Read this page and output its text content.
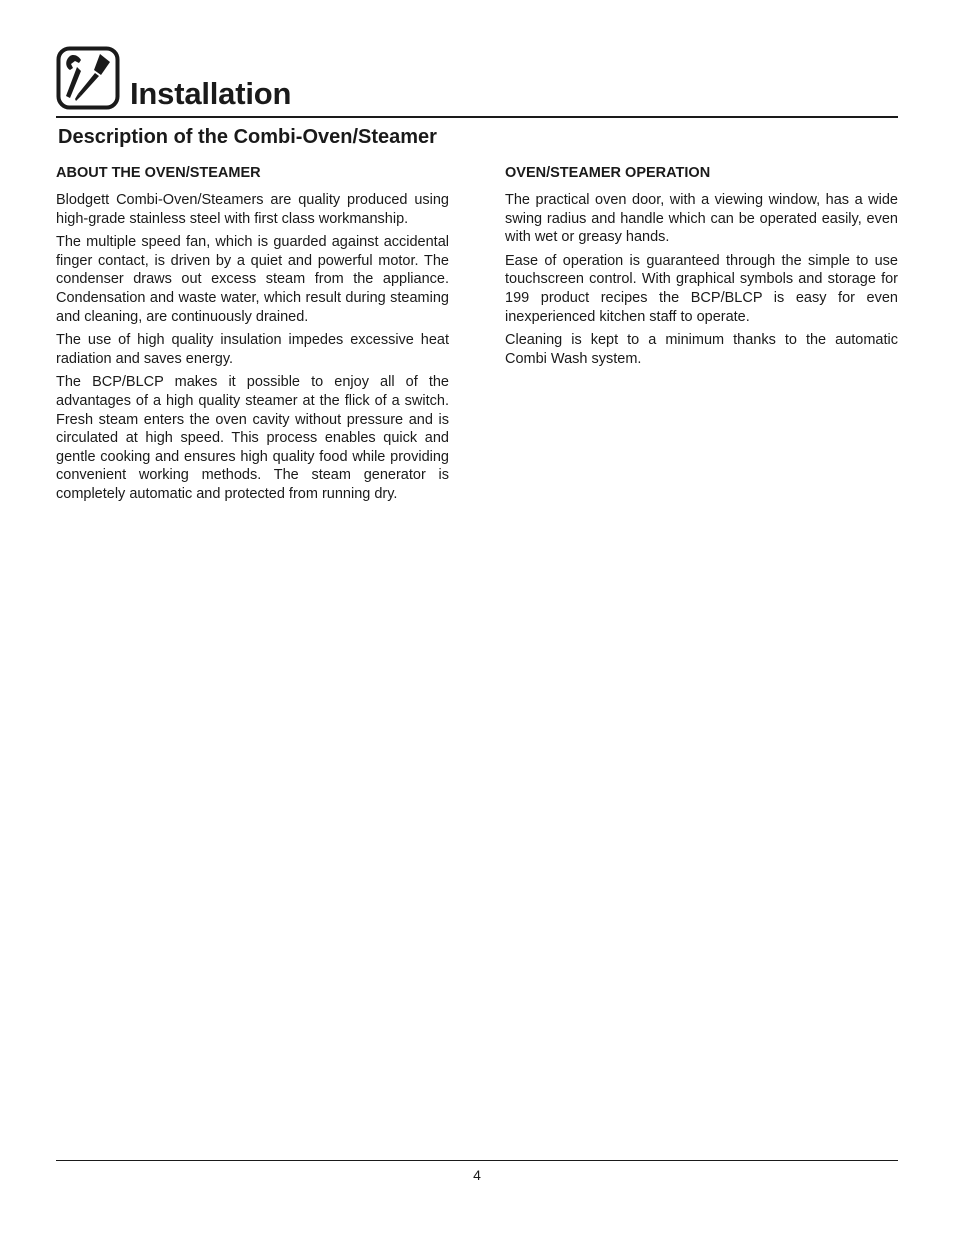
Installation
Description of the Combi-Oven/Steamer
ABOUT THE OVEN/STEAMER

Blodgett Combi-Oven/Steamers are quality produced using high-grade stainless steel with first class workmanship.

The multiple speed fan, which is guarded against accidental finger contact, is driven by a quiet and powerful motor. The condenser draws out excess steam from the appliance. Condensation and waste water, which result during steaming and cleaning, are continuously drained.

The use of high quality insulation impedes excessive heat radiation and saves energy.

The BCP/BLCP makes it possible to enjoy all of the advantages of a high quality steamer at the flick of a switch. Fresh steam enters the oven cavity without pressure and is circulated at high speed. This process enables quick and gentle cooking and ensures high quality food while providing convenient working methods. The steam generator is completely automatic and protected from running dry.

OVEN/STEAMER OPERATION

The practical oven door, with a viewing window, has a wide swing radius and handle which can be operated easily, even with wet or greasy hands.

Ease of operation is guaranteed through the simple to use touchscreen control. With graphical symbols and storage for 199 product recipes the BCP/BLCP is easy for even inexperienced kitchen staff to operate.

Cleaning is kept to a minimum thanks to the automatic Combi Wash system.

4
